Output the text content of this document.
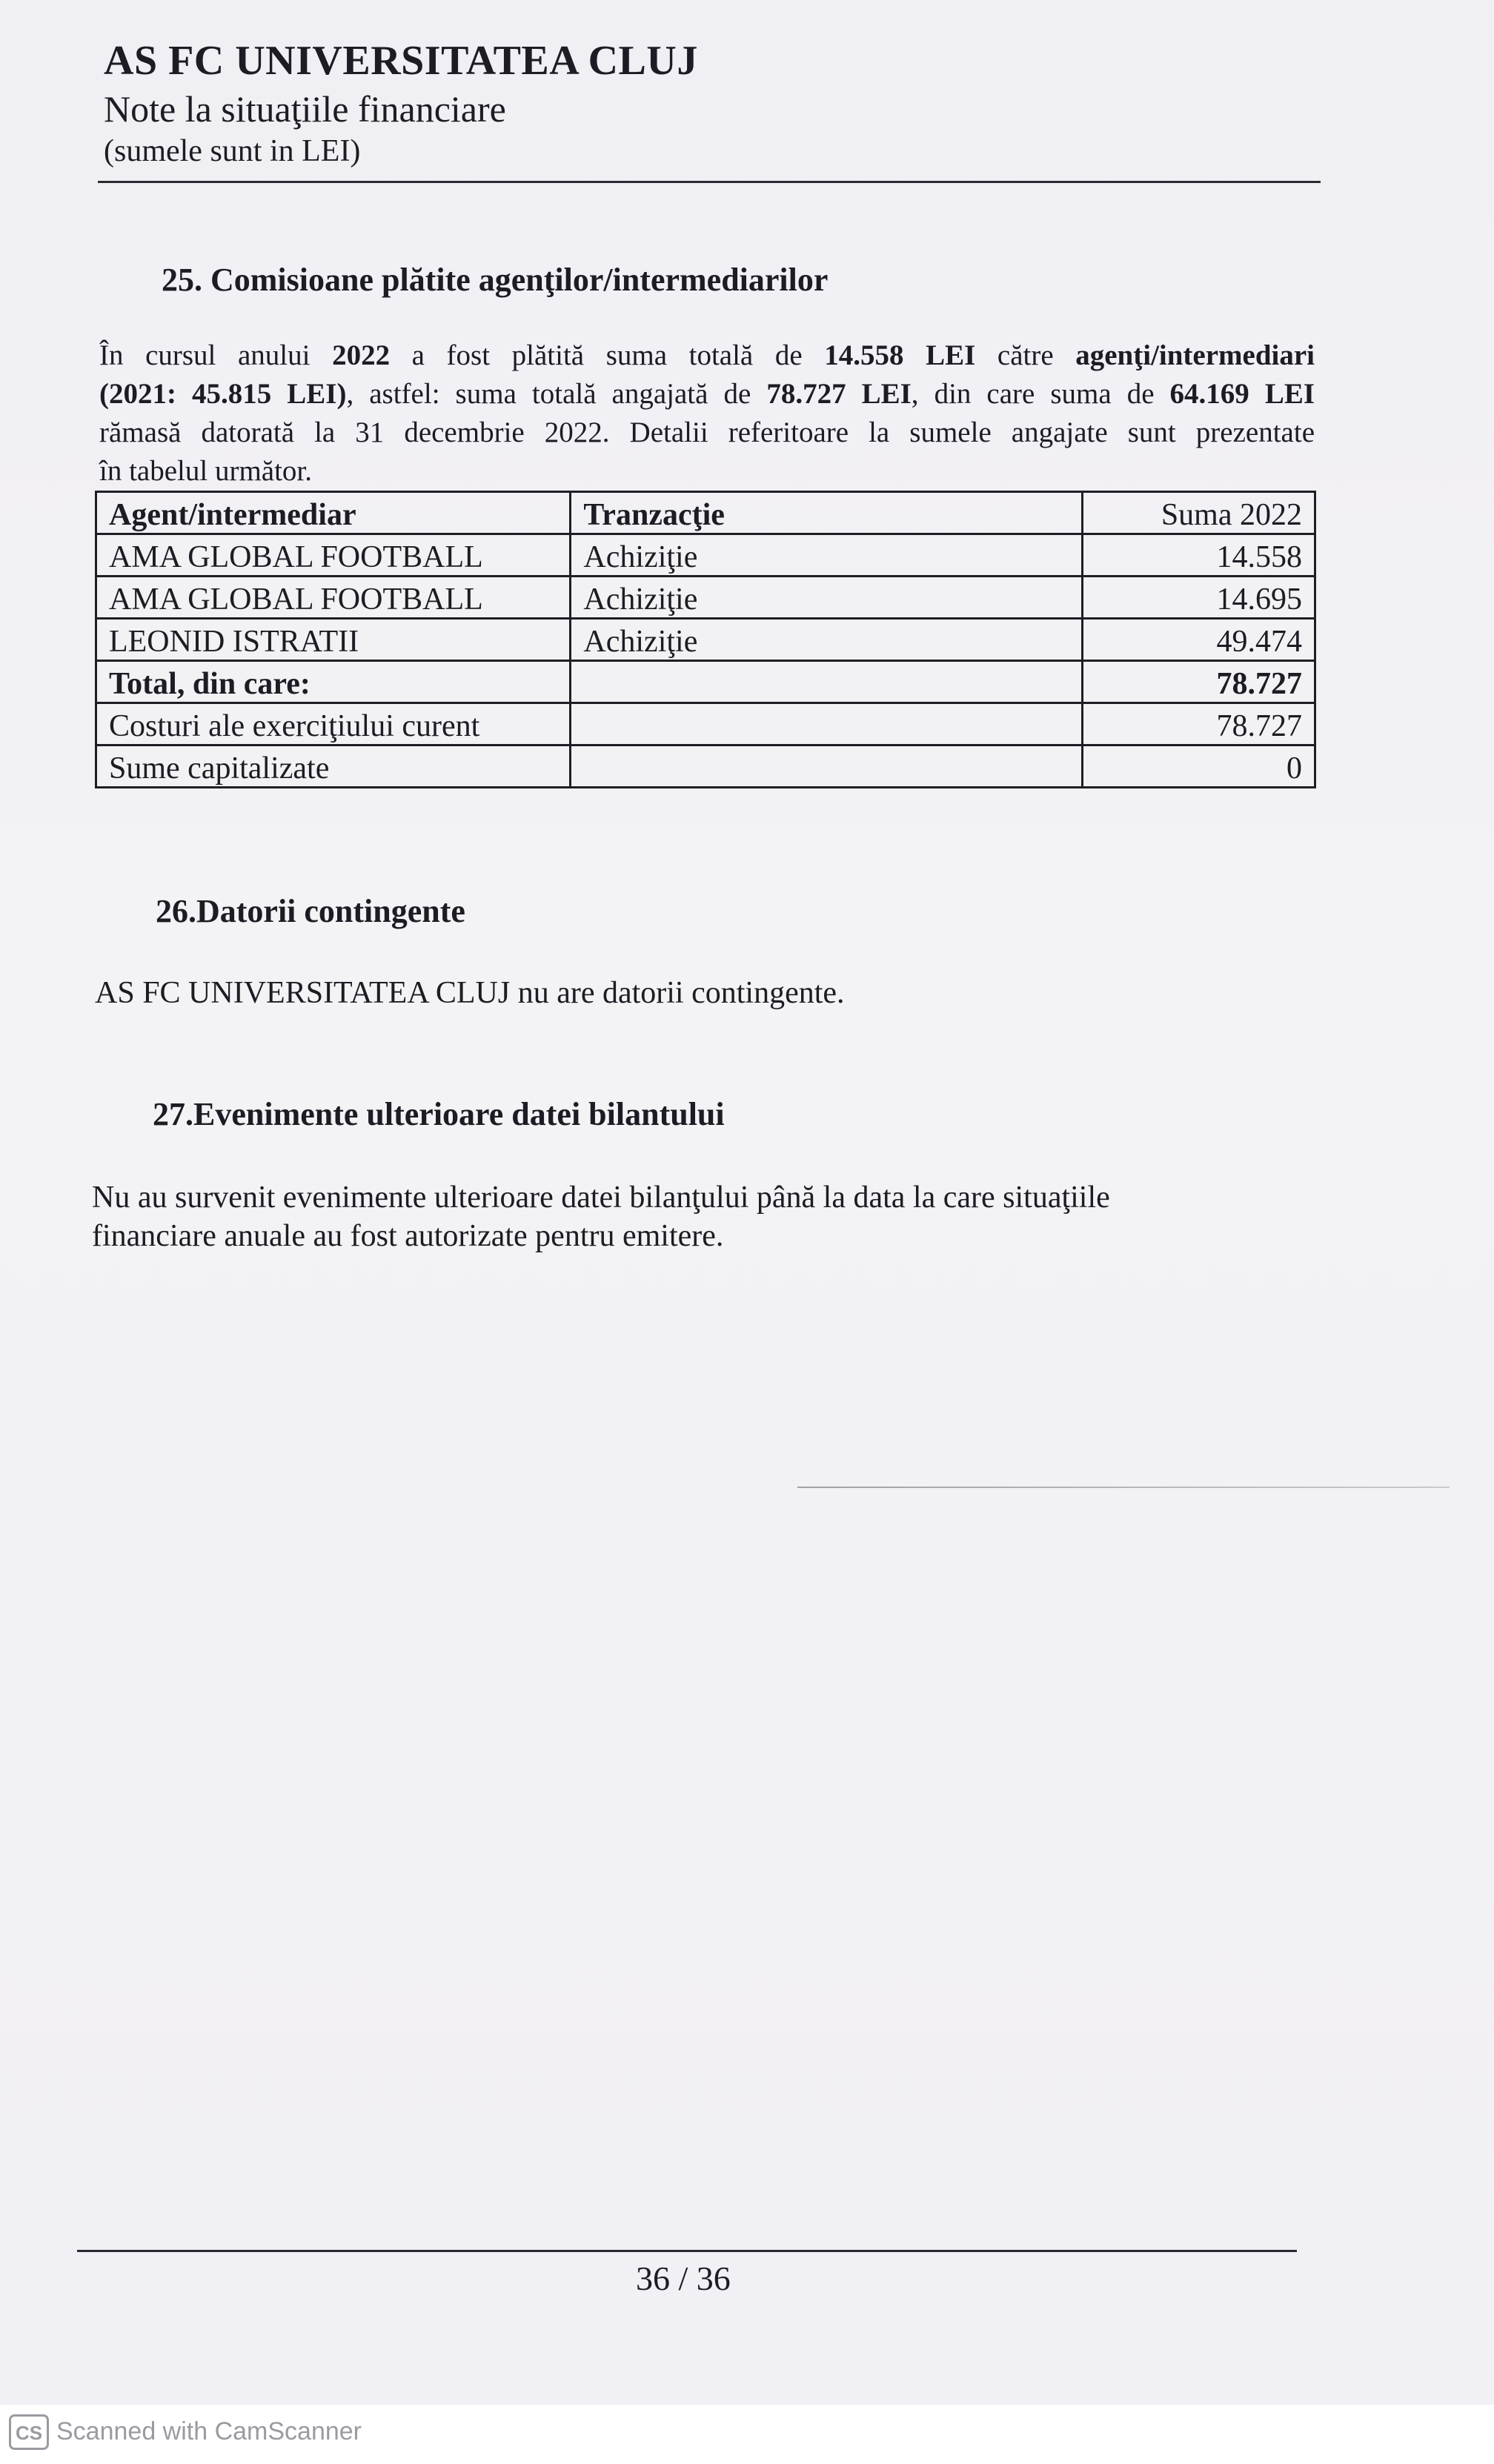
AS FC UNIVERSITATEA CLUJ
Note la situaţiile financiare
(sumele sunt in LEI)
25. Comisioane plătite agenţilor/intermediarilor
În cursul anului 2022 a fost plătită suma totală de 14.558 LEI către agenţi/intermediari
(2021: 45.815 LEI), astfel: suma totală angajată de 78.727 LEI, din care suma de 64.169 LEI
rămasă datorată la 31 decembrie 2022. Detalii referitoare la sumele angajate sunt prezentate
în tabelul următor.
Agent/intermediar	Tranzacţie	Suma 2022
AMA GLOBAL FOOTBALL	Achiziţie	14.558
AMA GLOBAL FOOTBALL	Achiziţie	14.695
LEONID ISTRATII	Achiziţie	49.474
Total, din care:		78.727
Costuri ale exerciţiului curent		78.727
Sume capitalizate		0
26.Datorii contingente
AS FC UNIVERSITATEA CLUJ nu are datorii contingente.
27.Evenimente ulterioare datei bilantului
Nu au survenit evenimente ulterioare datei bilanţului până la data la care situaţiile
financiare anuale au fost autorizate pentru emitere.
36 / 36
CS Scanned with CamScanner
